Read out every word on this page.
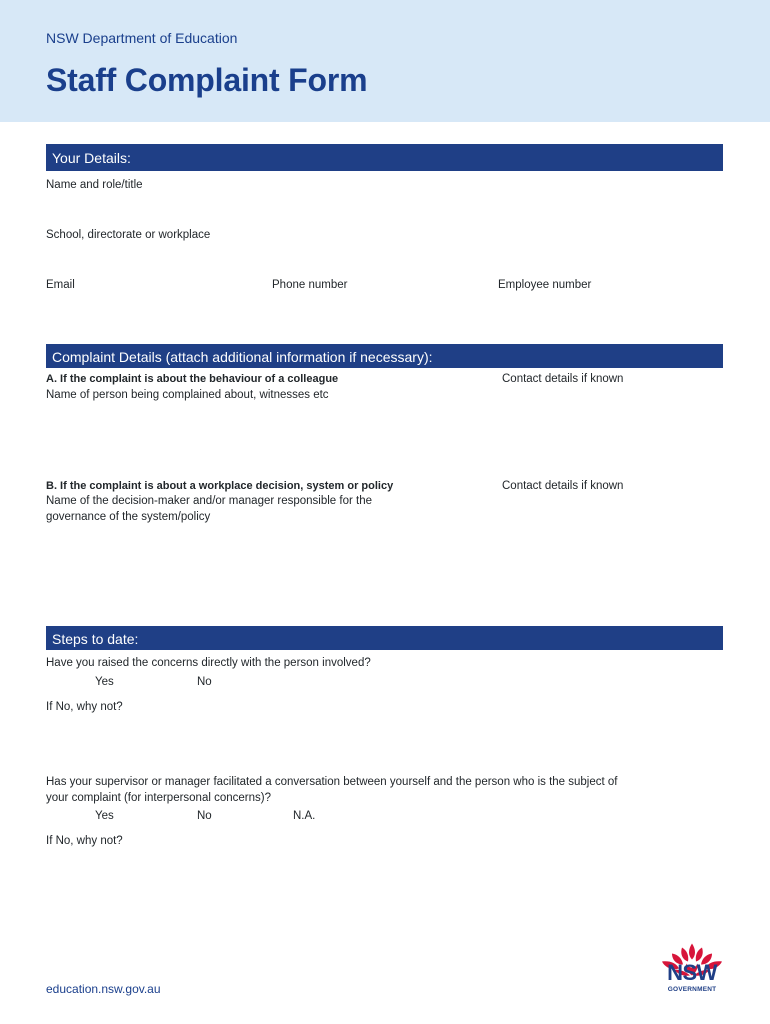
NSW Department of Education
Staff Complaint Form
Your Details:
Name and role/title
School, directorate or workplace
Email	Phone number	Employee number
Complaint Details (attach additional information if necessary):
A. If the complaint is about the behaviour of a colleague
Name of person being complained about, witnesses etc
Contact details if known
B. If the complaint is about a workplace decision, system or policy
Name of the decision-maker and/or manager responsible for the
governance of the system/policy
Contact details if known
Steps to date:
Have you raised the concerns directly with the person involved?
Yes	No
If No, why not?
Has your supervisor or manager facilitated a conversation between yourself and the person who is the subject of
your complaint (for interpersonal concerns)?
Yes	No	N.A.
If No, why not?
education.nsw.gov.au
NSW
GOVERNMENT
